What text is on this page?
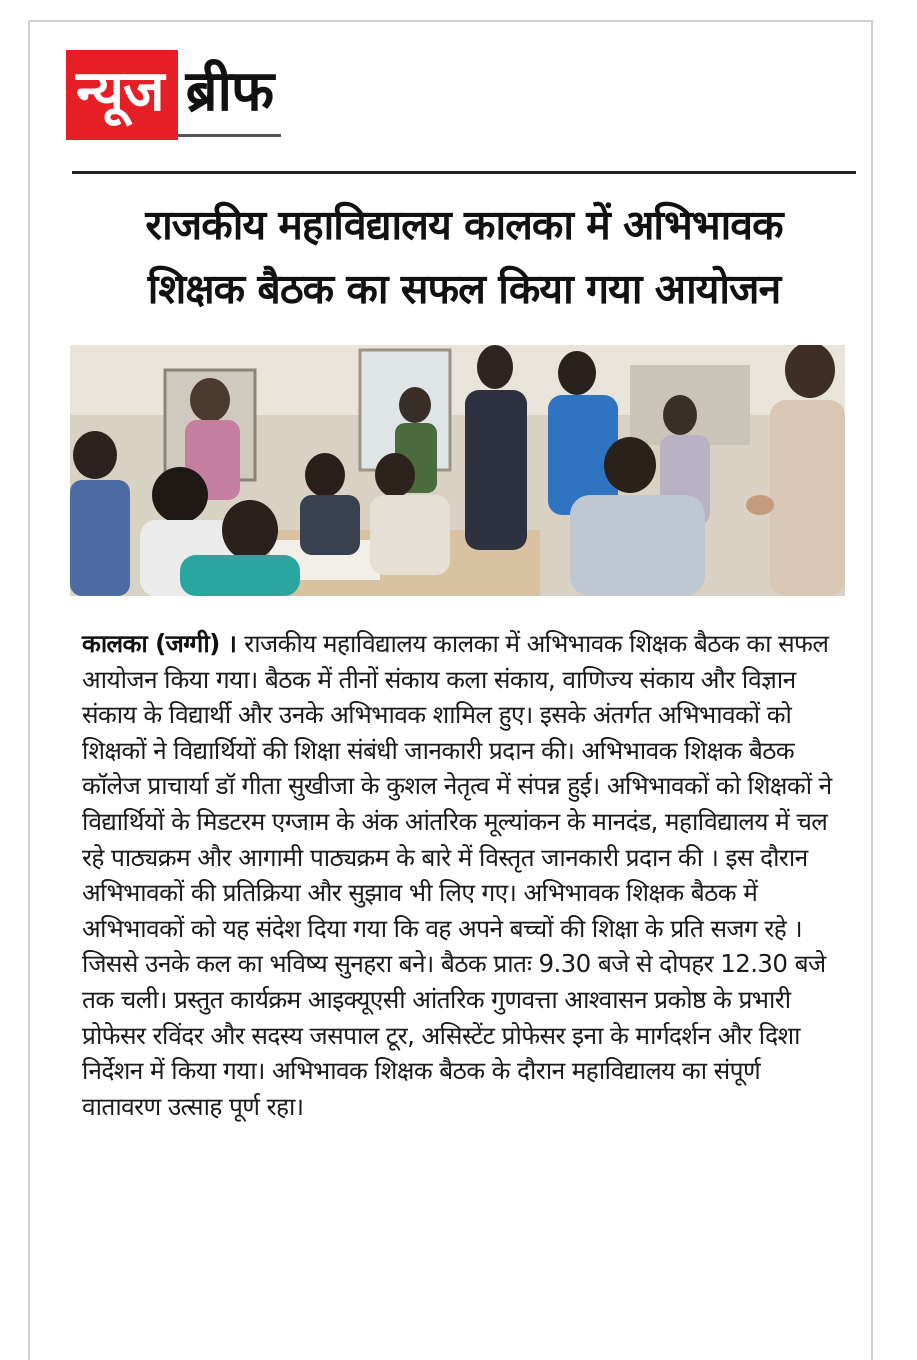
न्यूज ब्रीफ
राजकीय महाविद्यालय कालका में अभिभावक
शिक्षक बैठक का सफल किया गया आयोजन
कालका (जग्गी) । राजकीय महाविद्यालय कालका में अभिभावक शिक्षक बैठक का सफल आयोजन किया गया। बैठक में तीनों संकाय कला संकाय, वाणिज्य संकाय और विज्ञान संकाय के विद्यार्थी और उनके अभिभावक शामिल हुए। इसके अंतर्गत अभिभावकों को शिक्षकों ने विद्यार्थियों की शिक्षा संबंधी जानकारी प्रदान की। अभिभावक शिक्षक बैठक कॉलेज प्राचार्या डॉ गीता सुखीजा के कुशल नेतृत्व में संपन्न हुई। अभिभावकों को शिक्षकों ने विद्यार्थियों के मिडटरम एग्जाम के अंक आंतरिक मूल्यांकन के मानदंड, महाविद्यालय में चल रहे पाठ्यक्रम और आगामी पाठ्यक्रम के बारे में विस्तृत जानकारी प्रदान की । इस दौरान अभिभावकों की प्रतिक्रिया और सुझाव भी लिए गए। अभिभावक शिक्षक बैठक में अभिभावकों को यह संदेश दिया गया कि वह अपने बच्चों की शिक्षा के प्रति सजग रहे । जिससे उनके कल का भविष्य सुनहरा बने। बैठक प्रातः 9.30 बजे से दोपहर 12.30 बजे तक चली। प्रस्तुत कार्यक्रम आइक्यूएसी आंतरिक गुणवत्ता आश्वासन प्रकोष्ठ के प्रभारी प्रोफेसर रविंदर और सदस्य जसपाल टूर, असिस्टेंट प्रोफेसर इना के मार्गदर्शन और दिशा निर्देशन में किया गया। अभिभावक शिक्षक बैठक के दौरान महाविद्यालय का संपूर्ण वातावरण उत्साह पूर्ण रहा।
